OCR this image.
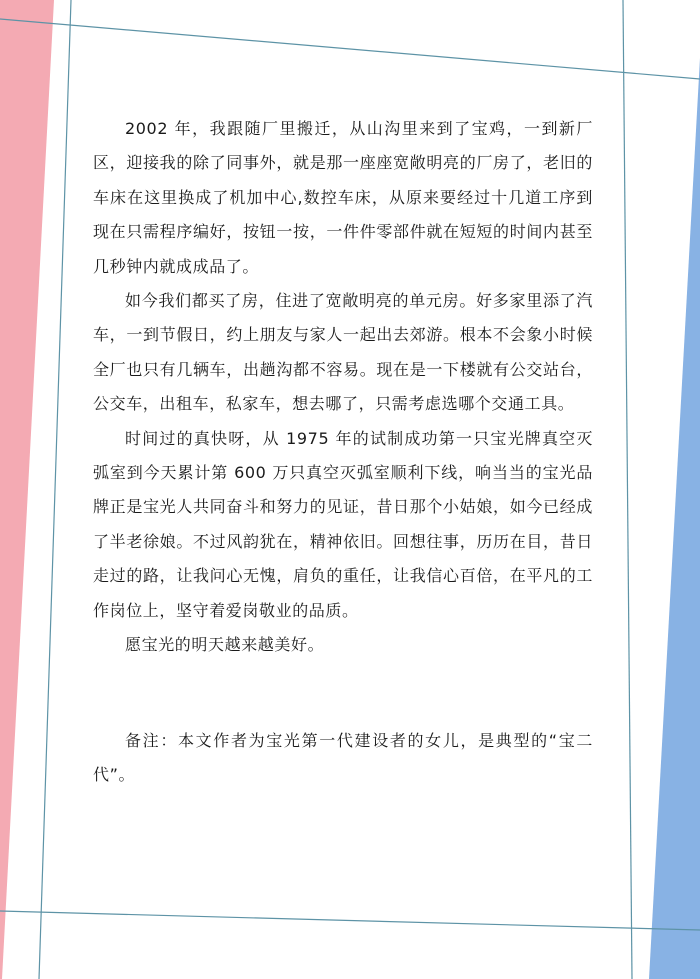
2002 年，我跟随厂里搬迁，从山沟里来到了宝鸡，一到新厂区，迎接我的除了同事外，就是那一座座宽敞明亮的厂房了，老旧的车床在这里换成了机加中心,数控车床，从原来要经过十几道工序到现在只需程序编好，按钮一按，一件件零部件就在短短的时间内甚至几秒钟内就成成品了。

如今我们都买了房，住进了宽敞明亮的单元房。好多家里添了汽车，一到节假日，约上朋友与家人一起出去郊游。根本不会象小时候全厂也只有几辆车，出趟沟都不容易。现在是一下楼就有公交站台，公交车，出租车，私家车，想去哪了，只需考虑选哪个交通工具。

时间过的真快呀，从 1975 年的试制成功第一只宝光牌真空灭弧室到今天累计第 600 万只真空灭弧室顺利下线，响当当的宝光品牌正是宝光人共同奋斗和努力的见证，昔日那个小姑娘，如今已经成了半老徐娘。不过风韵犹在，精神依旧。回想往事，历历在目，昔日走过的路，让我问心无愧，肩负的重任，让我信心百倍，在平凡的工作岗位上，坚守着爱岗敬业的品质。

愿宝光的明天越来越美好。

备注：本文作者为宝光第一代建设者的女儿，是典型的“宝二代”。
